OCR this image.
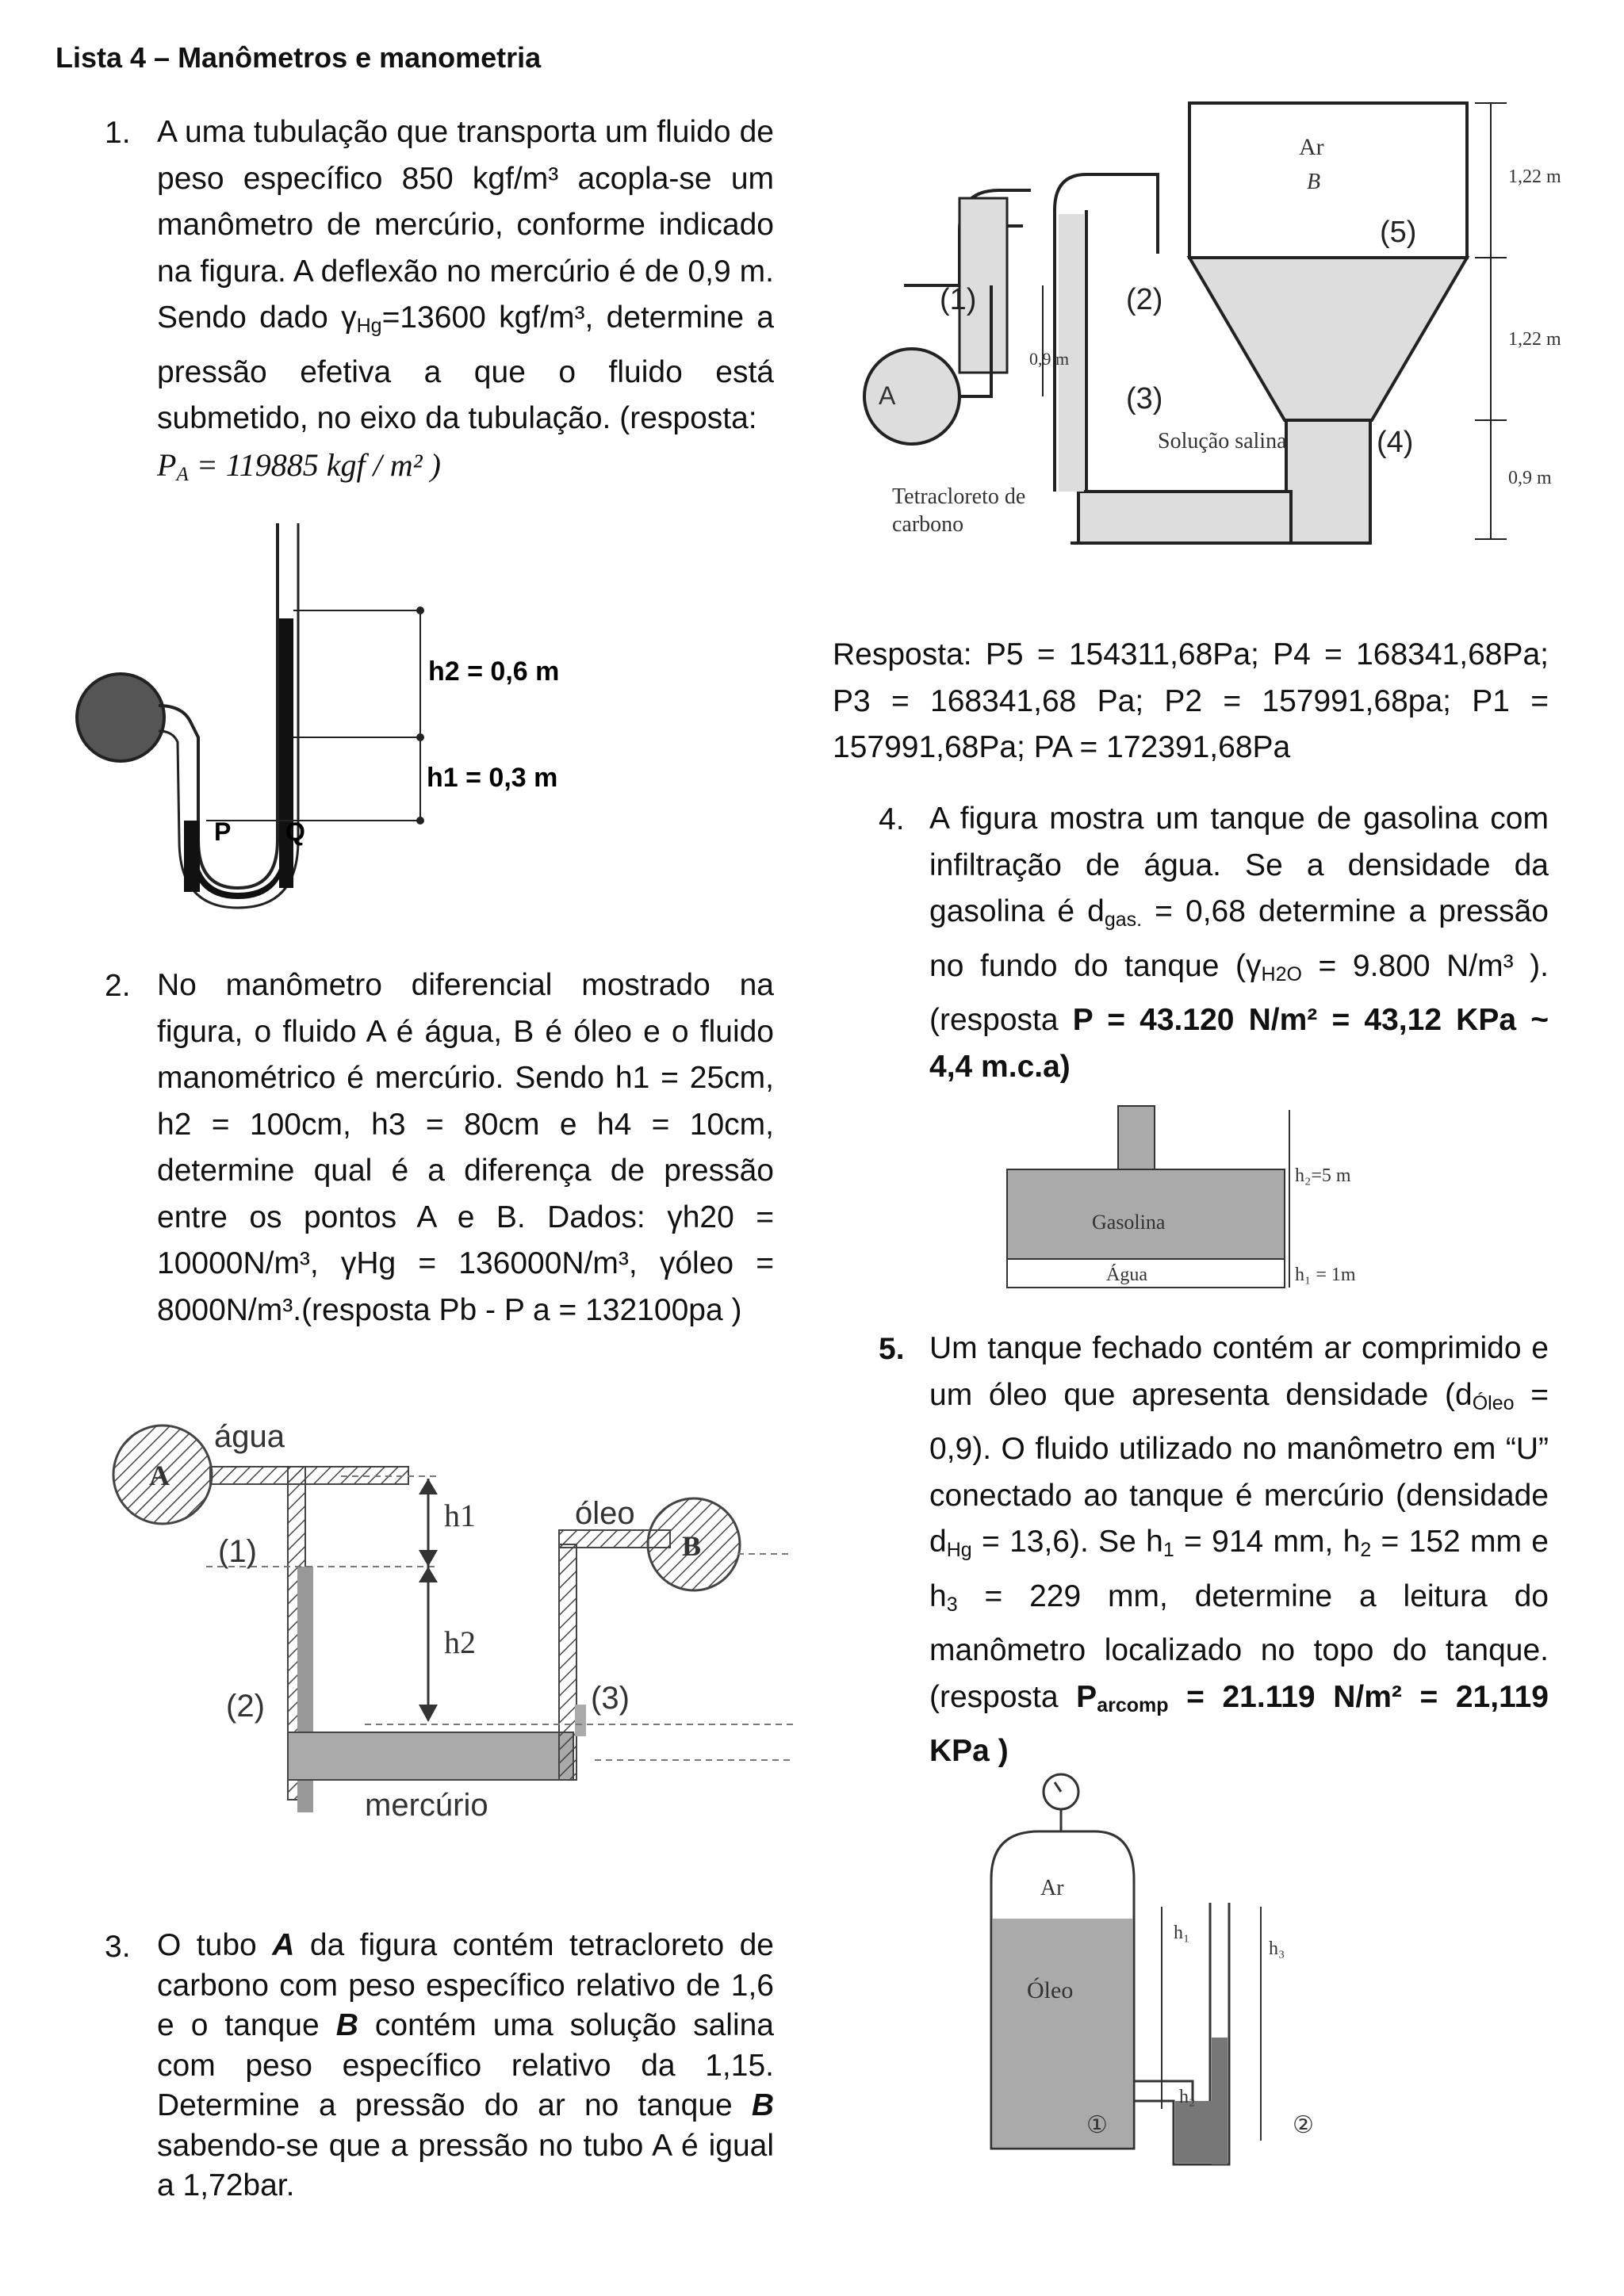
Lista 4 – Manômetros e manometria
1. A uma tubulação que transporta um fluido de peso específico 850 kgf/m³ acopla-se um manômetro de mercúrio, conforme indicado na figura. A deflexão no mercúrio é de 0,9 m. Sendo dado $\gamma_{Hg}=13600$ kgf/m³, determine a pressão efetiva a que o fluido está submetido, no eixo da tubulação. (resposta:
$P_A = 119885$ kgf / m² )
h2 = 0,6 m
h1 = 0,3 m
P Q
2. No manômetro diferencial mostrado na figura, o fluido A é água, B é óleo e o fluido manométrico é mercúrio. Sendo h1 = 25cm, h2 = 100cm, h3 = 80cm e h4 = 10cm, determine qual é a diferença de pressão entre os pontos A e B. Dados: γh20 = 10000N/m³, γHg = 136000N/m³, γóleo = 8000N/m³.(resposta Pb - P a = 132100pa )
A
água
B
óleo
h1
h2
(1)
(2)	(3)
mercúrio
3. O tubo A da figura contém tetracloreto de carbono com peso específico relativo de 1,6 e o tanque B contém uma solução salina com peso específico relativo da 1,15. Determine a pressão do ar no tanque B sabendo-se que a pressão no tubo A é igual a 1,72bar.
Ar
B
A
0,9 m
(1)	(2)
(3)
(4)
(5)
Solução salina
Tetracloreto de
carbono
1,22 m
1,22 m
0,9 m
Resposta: P5 = 154311,68Pa; P4 = 168341,68Pa; P3 = 168341,68 Pa; P2 = 157991,68pa; P1 = 157991,68Pa; PA = 172391,68Pa
4. A figura mostra um tanque de gasolina com infiltração de água. Se a densidade da gasolina é $d_{gas.} = 0,68$ determine a pressão no fundo do tanque ($\gamma_{H2O} = 9.800$ N/m³ ). (resposta P = 43.120 N/m² = 43,12 KPa ~ 4,4 m.c.a)
Gasolina
Água
h₂=5 m
h₁ = 1m
5. Um tanque fechado contém ar comprimido e um óleo que apresenta densidade $(d_{Óleo} = 0,9)$. O fluido utilizado no manômetro em “U” conectado ao tanque é mercúrio (densidade $d_{Hg} = 13,6$). Se $h_1 = 914$ mm, $h_2 = 152$ mm e $h_3 = 229$ mm, determine a leitura do manômetro localizado no topo do tanque. (resposta $P_{arcomp} = 21.119$ N/m² = 21,119 KPa )
Ar
Óleo
h₁
h₂
h₃
①	②
